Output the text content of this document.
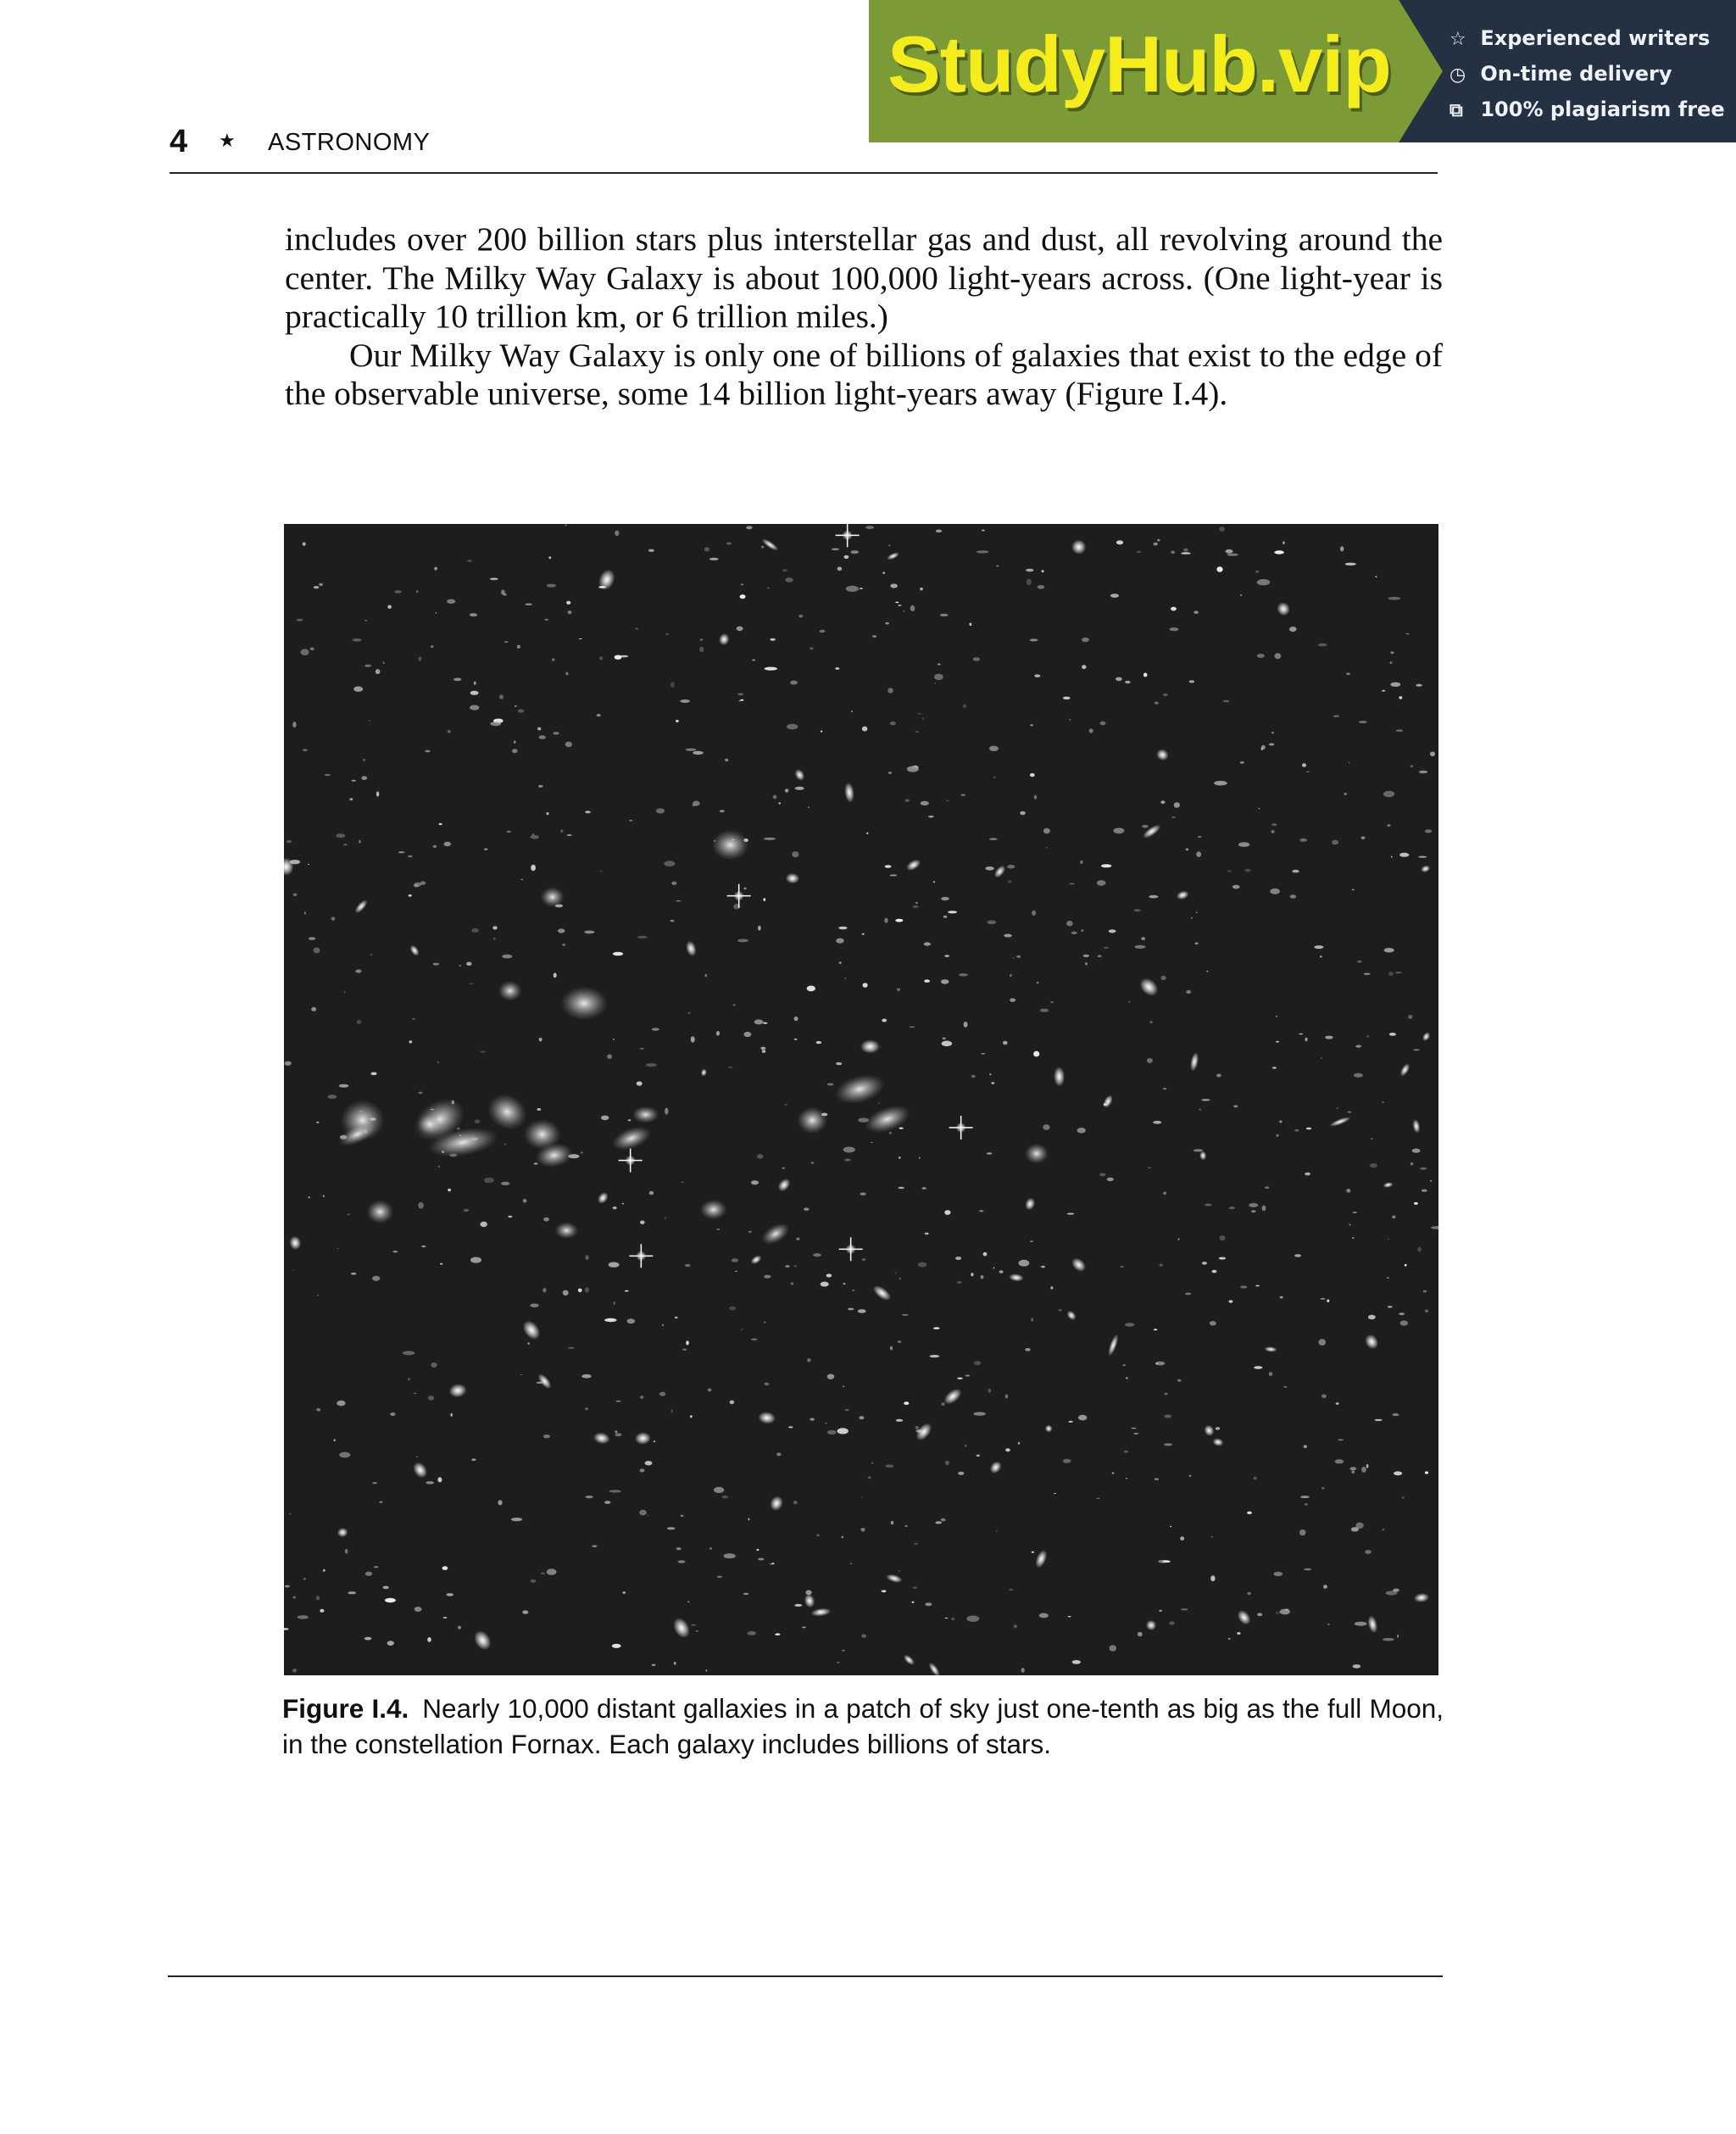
StudyHub.vip	☆ Experienced writers
◷ On-time delivery
⧉ 100% plagiarism free
4 ★ ASTRONOMY

includes over 200 billion stars plus interstellar gas and dust, all revolving around the center. The Milky Way Galaxy is about 100,000 light-years across. (One light-year is practically 10 trillion km, or 6 trillion miles.)

Our Milky Way Galaxy is only one of billions of galaxies that exist to the edge of the observable universe, some 14 billion light-years away (Figure I.4).

Figure I.4. Nearly 10,000 distant gallaxies in a patch of sky just one-tenth as big as the full Moon, in the constellation Fornax. Each galaxy includes billions of stars.
